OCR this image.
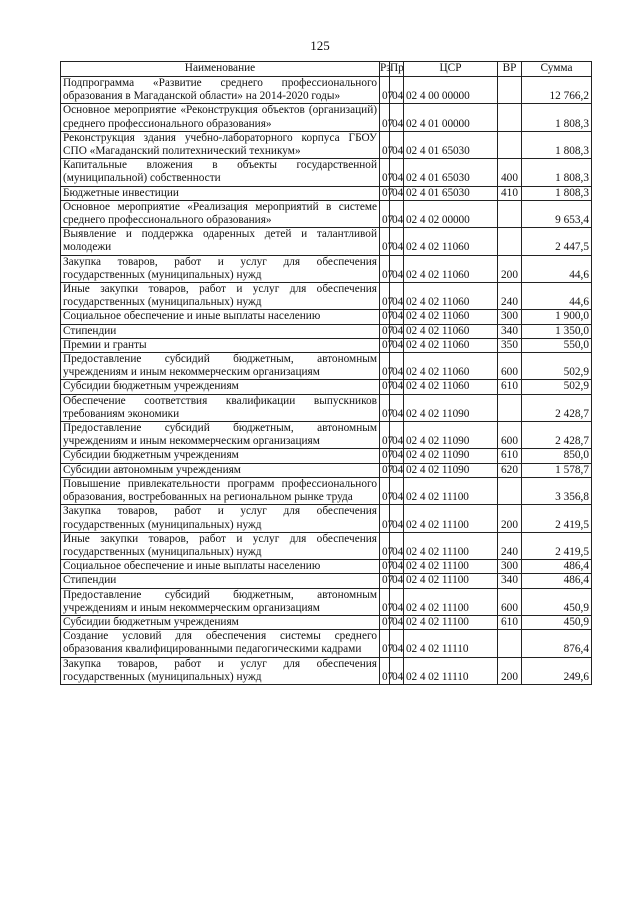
125
Наименование	Рз	Пр	ЦСР	ВР	Сумма
Подпрограмма «Развитие среднего профессионального образования в Магаданской области» на 2014-2020 годы»	07	04	02 4 00 00000		12 766,2
Основное мероприятие «Реконструкция объектов (организаций) среднего профессионального образования»	07	04	02 4 01 00000		1 808,3
Реконструкция здания учебно-лабораторного корпуса ГБОУ СПО «Магаданский политехнический техникум»	07	04	02 4 01 65030		1 808,3
Капитальные вложения в объекты государственной (муниципальной) собственности	07	04	02 4 01 65030	400	1 808,3
Бюджетные инвестиции	07	04	02 4 01 65030	410	1 808,3
Основное мероприятие «Реализация мероприятий в системе среднего профессионального образования»	07	04	02 4 02 00000		9 653,4
Выявление и поддержка одаренных детей и талантливой молодежи	07	04	02 4 02 11060		2 447,5
Закупка товаров, работ и услуг для обеспечения государственных (муниципальных) нужд	07	04	02 4 02 11060	200	44,6
Иные закупки товаров, работ и услуг для обеспечения государственных (муниципальных) нужд	07	04	02 4 02 11060	240	44,6
Социальное обеспечение и иные выплаты населению	07	04	02 4 02 11060	300	1 900,0
Стипендии	07	04	02 4 02 11060	340	1 350,0
Премии и гранты	07	04	02 4 02 11060	350	550,0
Предоставление субсидий бюджетным, автономным учреждениям и иным некоммерческим организациям	07	04	02 4 02 11060	600	502,9
Субсидии бюджетным учреждениям	07	04	02 4 02 11060	610	502,9
Обеспечение соответствия квалификации выпускников требованиям экономики	07	04	02 4 02 11090		2 428,7
Предоставление субсидий бюджетным, автономным учреждениям и иным некоммерческим организациям	07	04	02 4 02 11090	600	2 428,7
Субсидии бюджетным учреждениям	07	04	02 4 02 11090	610	850,0
Субсидии автономным учреждениям	07	04	02 4 02 11090	620	1 578,7
Повышение привлекательности программ профессионального образования, востребованных на региональном рынке труда	07	04	02 4 02 11100		3 356,8
Закупка товаров, работ и услуг для обеспечения государственных (муниципальных) нужд	07	04	02 4 02 11100	200	2 419,5
Иные закупки товаров, работ и услуг для обеспечения государственных (муниципальных) нужд	07	04	02 4 02 11100	240	2 419,5
Социальное обеспечение и иные выплаты населению	07	04	02 4 02 11100	300	486,4
Стипендии	07	04	02 4 02 11100	340	486,4
Предоставление субсидий бюджетным, автономным учреждениям и иным некоммерческим организациям	07	04	02 4 02 11100	600	450,9
Субсидии бюджетным учреждениям	07	04	02 4 02 11100	610	450,9
Создание условий для обеспечения системы среднего образования квалифицированными педагогическими кадрами	07	04	02 4 02 11110		876,4
Закупка товаров, работ и услуг для обеспечения государственных (муниципальных) нужд	07	04	02 4 02 11110	200	249,6
